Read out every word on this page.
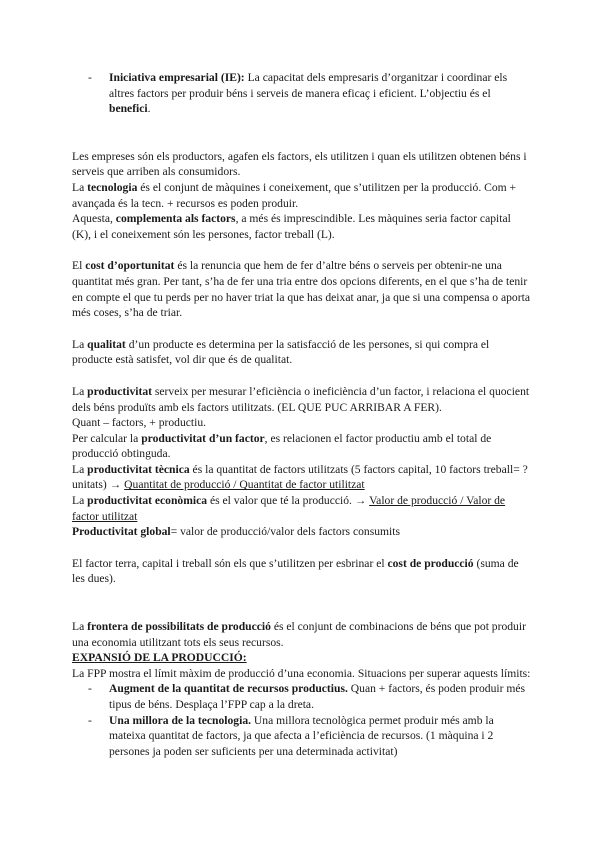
- Iniciativa empresarial (IE): La capacitat dels empresaris d’organitzar i coordinar els altres factors per produir béns i serveis de manera eficaç i eficient. L’objectiu és el benefici.

Les empreses són els productors, agafen els factors, els utilitzen i quan els utilitzen obtenen béns i serveis que arriben als consumidors.

La tecnologia és el conjunt de màquines i coneixement, que s’utilitzen per la producció. Com + avançada és la tecn. + recursos es poden produir.

Aquesta, complementa als factors, a més és imprescindible. Les màquines seria factor capital (K), i el coneixement són les persones, factor treball (L).

El cost d’oportunitat és la renuncia que hem de fer d’altre béns o serveis per obtenir-ne una quantitat més gran. Per tant, s’ha de fer una tria entre dos opcions diferents, en el que s’ha de tenir en compte el que tu perds per no haver triat la que has deixat anar, ja que si una compensa o aporta més coses, s’ha de triar.

La qualitat d’un producte es determina per la satisfacció de les persones, si qui compra el producte està satisfet, vol dir que és de qualitat.

La productivitat serveix per mesurar l’eficiència o ineficiència d’un factor, i relaciona el quocient dels béns produïts amb els factors utilitzats. (EL QUE PUC ARRIBAR A FER).

Quant – factors, + productiu.

Per calcular la productivitat d’un factor, es relacionen el factor productiu amb el total de producció obtinguda.

La productivitat tècnica és la quantitat de factors utilitzats (5 factors capital, 10 factors treball= ? unitats) → Quantitat de producció / Quantitat de factor utilitzat

La productivitat econòmica és el valor que té la producció. → Valor de producció / Valor de factor utilitzat

Productivitat global= valor de producció/valor dels factors consumits

El factor terra, capital i treball són els que s’utilitzen per esbrinar el cost de producció (suma de les dues).

La frontera de possibilitats de producció és el conjunt de combinacions de béns que pot produir una economia utilitzant tots els seus recursos.

EXPANSIÓ DE LA PRODUCCIÓ:

La FPP mostra el límit màxim de producció d’una economia. Situacions per superar aquests límits:

- Augment de la quantitat de recursos productius. Quan + factors, és poden produir més tipus de béns. Desplaça l’FPP cap a la dreta.

- Una millora de la tecnologia. Una millora tecnològica permet produir més amb la mateixa quantitat de factors, ja que afecta a l’eficiència de recursos. (1 màquina i 2 persones ja poden ser suficients per una determinada activitat)
